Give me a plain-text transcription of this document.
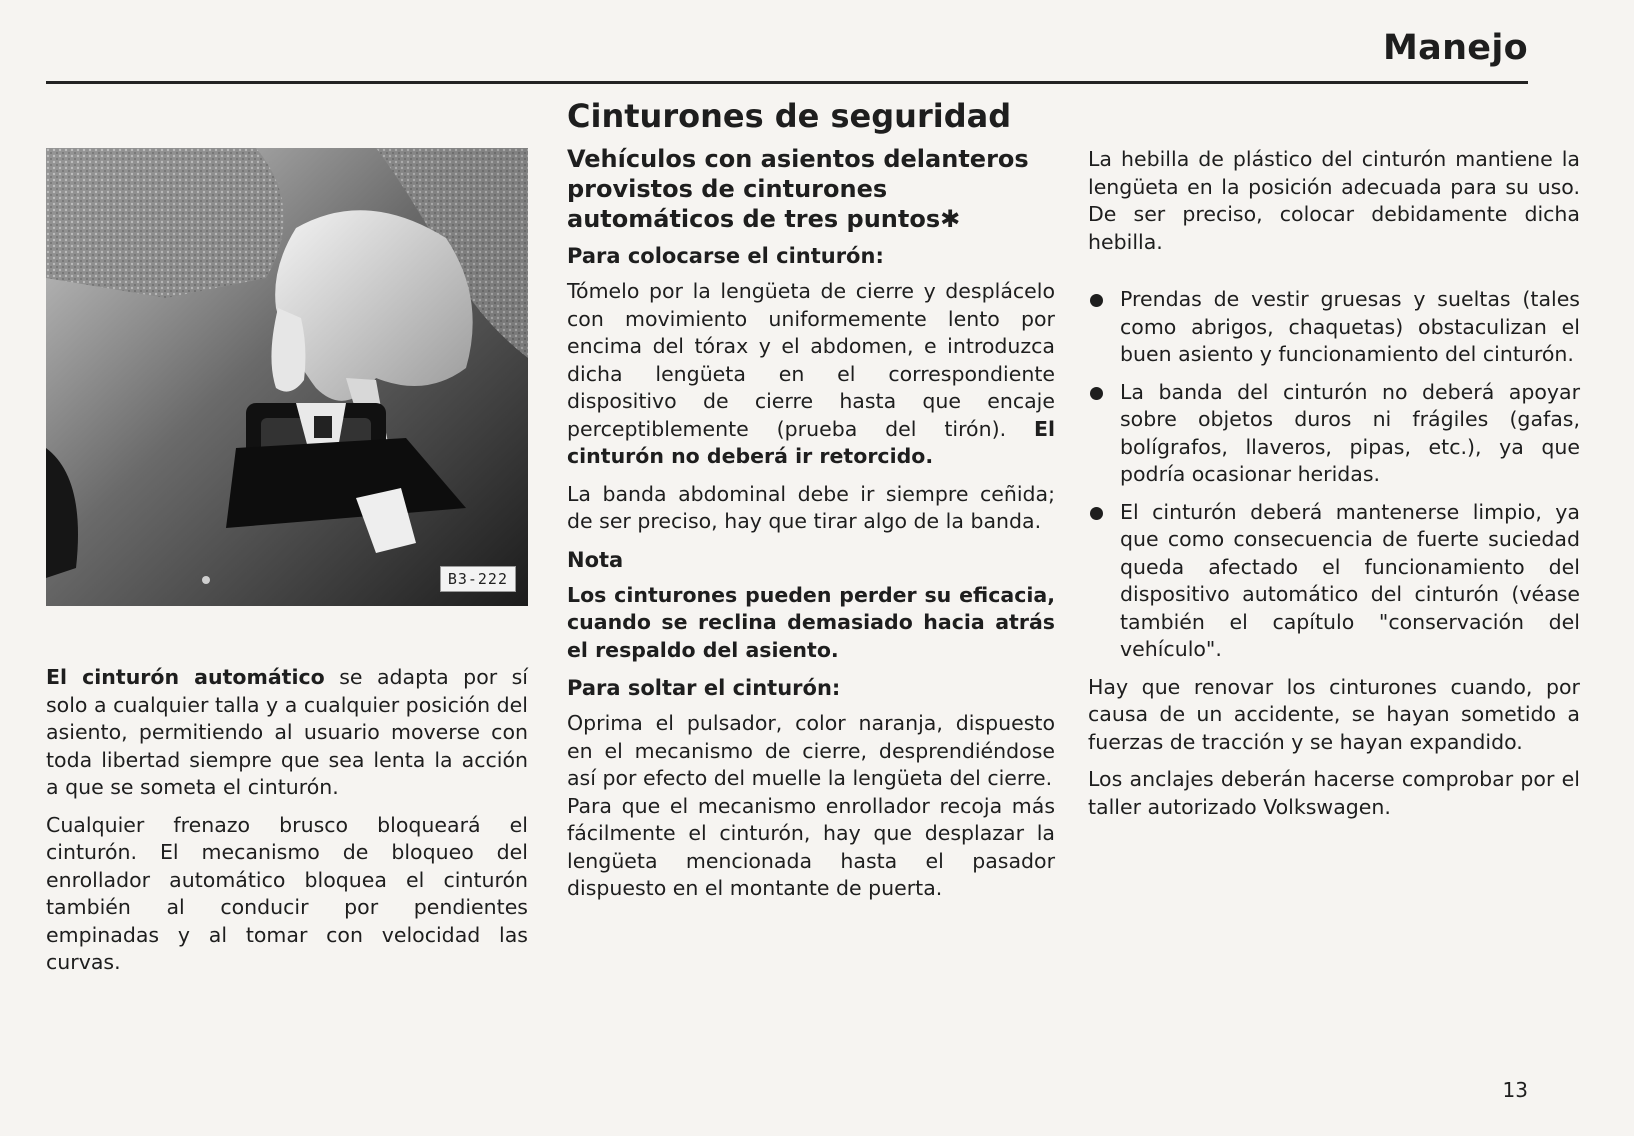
Manejo
B3-222

El cinturón automático se adapta por sí solo a cualquier talla y a cualquier posición del asiento, permitiendo al usuario moverse con toda libertad siempre que sea lenta la acción a que se someta el cinturón.

Cualquier frenazo brusco bloqueará el cinturón. El mecanismo de bloqueo del enrollador automático bloquea el cinturón también al conducir por pendientes empinadas y al tomar con velocidad las curvas.

Cinturones de seguridad
Vehículos con asientos delanteros provistos de cinturones automáticos de tres puntos✱
Para colocarse el cinturón:

Tómelo por la lengüeta de cierre y desplácelo con movimiento uniformemente lento por encima del tórax y el abdomen, e introduzca dicha lengüeta en el correspondiente dispositivo de cierre hasta que encaje perceptiblemente (prueba del tirón). El cinturón no deberá ir retorcido.

La banda abdominal debe ir siempre ceñida; de ser preciso, hay que tirar algo de la banda.

Nota

Los cinturones pueden perder su eficacia, cuando se reclina demasiado hacia atrás el respaldo del asiento.

Para soltar el cinturón:

Oprima el pulsador, color naranja, dispuesto en el mecanismo de cierre, desprendiéndose así por efecto del muelle la lengüeta del cierre.

Para que el mecanismo enrollador recoja más fácilmente el cinturón, hay que desplazar la lengüeta mencionada hasta el pasador dispuesto en el montante de puerta.

La hebilla de plástico del cinturón mantiene la lengüeta en la posición adecuada para su uso. De ser preciso, colocar debidamente dicha hebilla.

Prendas de vestir gruesas y sueltas (tales como abrigos, chaquetas) obstaculizan el buen asiento y funcionamiento del cinturón.
La banda del cinturón no deberá apoyar sobre objetos duros ni frágiles (gafas, bolígrafos, llaveros, pipas, etc.), ya que podría ocasionar heridas.
El cinturón deberá mantenerse limpio, ya que como consecuencia de fuerte suciedad queda afectado el funcionamiento del dispositivo automático del cinturón (véase también el capítulo "conservación del vehículo".

Hay que renovar los cinturones cuando, por causa de un accidente, se hayan sometido a fuerzas de tracción y se hayan expandido.

Los anclajes deberán hacerse comprobar por el taller autorizado Volkswagen.

13
